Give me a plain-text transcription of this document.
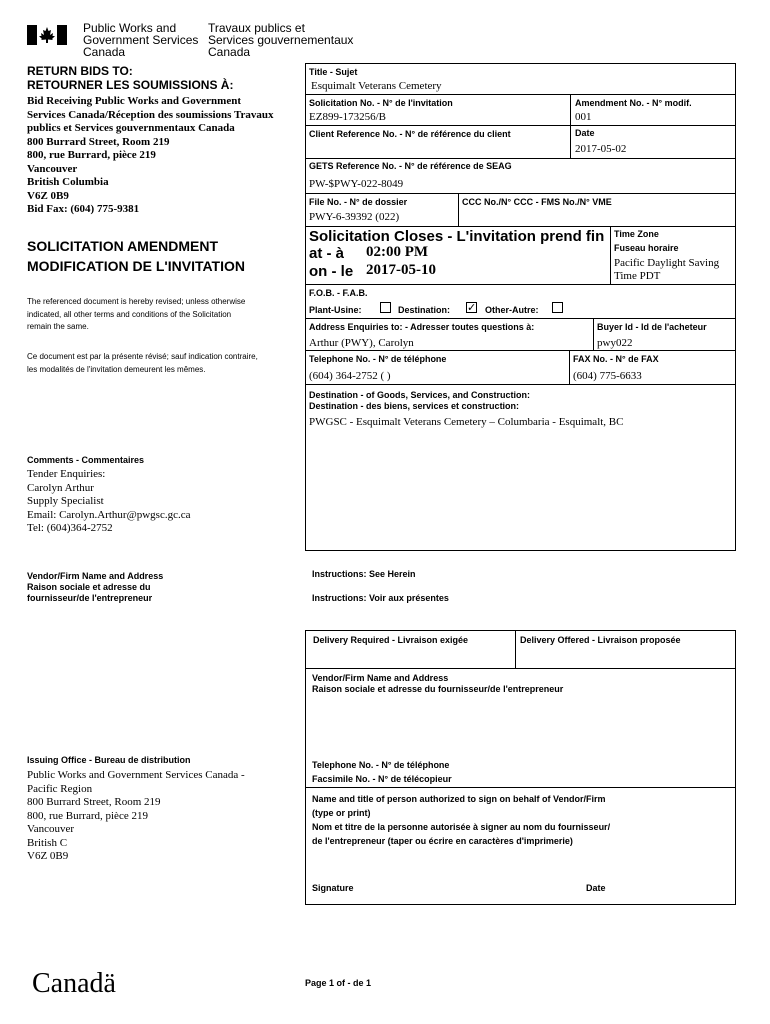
Public Works and
Government Services
Canada
Travaux publics et
Services gouvernementaux
Canada
RETURN BIDS TO:
RETOURNER LES SOUMISSIONS À:
Bid Receiving Public Works and Government
Services Canada/Réception des soumissions Travaux
publics et Services gouvernmentaux Canada
800 Burrard Street, Room 219
800, rue Burrard, pièce 219
Vancouver
British Columbia
V6Z 0B9
Bid Fax: (604) 775-9381
SOLICITATION AMENDMENT
MODIFICATION DE L'INVITATION
The referenced document is hereby revised; unless otherwise
indicated, all other terms and conditions of the Solicitation
remain the same.
Ce document est par la présente révisé; sauf indication contraire,
les modalités de l'invitation demeurent les mêmes.
Comments - Commentaires
Tender Enquiries:
Carolyn Arthur
Supply Specialist
Email: Carolyn.Arthur@pwgsc.gc.ca
Tel: (604)364-2752
Vendor/Firm Name and Address
Raison sociale et adresse du
fournisseur/de l'entrepreneur
Issuing Office - Bureau de distribution
Public Works and Government Services Canada -
Pacific Region
800 Burrard Street, Room 219
800, rue Burrard, pièce 219
Vancouver
British C
V6Z 0B9
Title - Sujet
Esquimalt Veterans Cemetery
Solicitation No. - N° de l'invitation
EZ899-173256/B
Amendment No. - N° modif.
001
Client Reference No. - N° de référence du client	Date
2017-05-02
GETS Reference No. - N° de référence de SEAG
PW-$PWY-022-8049
File No. - N° de dossier
PWY-6-39392 (022)
CCC No./N° CCC - FMS No./N° VME
Solicitation Closes - L'invitation prend fin
at - à 02:00 PM
on - le 2017-05-10
Time Zone
Fuseau horaire
Pacific Daylight Saving
Time PDT
F.O.B. - F.A.B.
Plant-Usine:	Destination: ✓ Other-Autre:
Address Enquiries to: - Adresser toutes questions à:
Arthur (PWY), Carolyn
Buyer Id - Id de l'acheteur
pwy022
Telephone No. - N° de téléphone
(604) 364-2752 ( )
FAX No. - N° de FAX
(604) 775-6633
Destination - of Goods, Services, and Construction:
Destination - des biens, services et construction:
PWGSC - Esquimalt Veterans Cemetery – Columbaria - Esquimalt, BC
Instructions: See Herein
Instructions: Voir aux présentes
Delivery Required - Livraison exigée	Delivery Offered - Livraison proposée
Vendor/Firm Name and Address
Raison sociale et adresse du fournisseur/de l'entrepreneur
Telephone No. - N° de téléphone
Facsimile No. - N° de télécopieur
Name and title of person authorized to sign on behalf of Vendor/Firm
(type or print)
Nom et titre de la personne autorisée à signer au nom du fournisseur/
de l'entrepreneur (taper ou écrire en caractères d'imprimerie)
Signature	Date
Canadä	Page 1 of - de 1
